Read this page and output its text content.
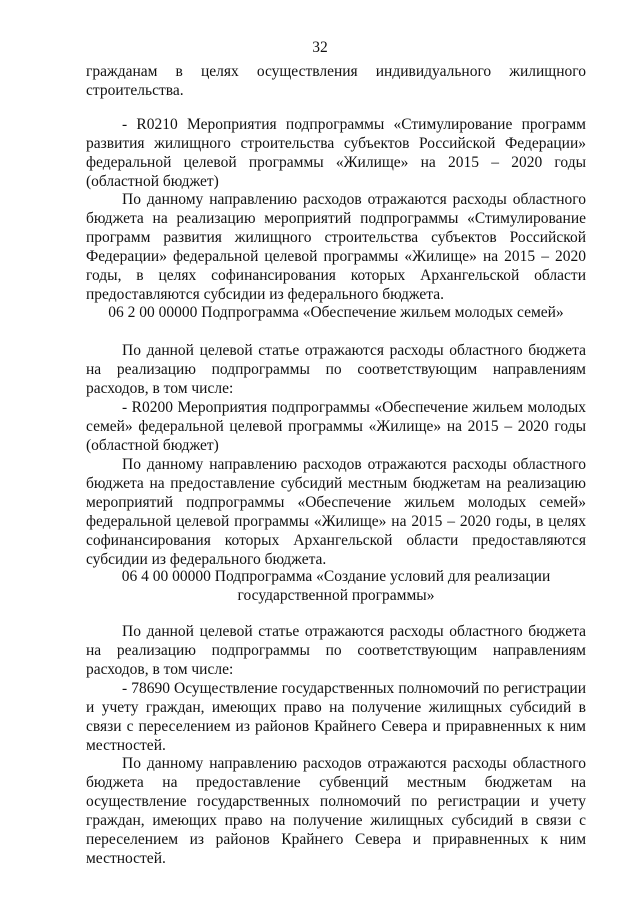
32

гражданам в целях осуществления индивидуального жилищного строительства.

- R0210 Мероприятия подпрограммы «Стимулирование программ развития жилищного строительства субъектов Российской Федерации» федеральной целевой программы «Жилище» на 2015 – 2020 годы (областной бюджет)

По данному направлению расходов отражаются расходы областного бюджета на реализацию мероприятий подпрограммы «Стимулирование программ развития жилищного строительства субъектов Российской Федерации» федеральной целевой программы «Жилище» на 2015 – 2020 годы, в целях софинансирования которых Архангельской области предоставляются субсидии из федерального бюджета.

06 2 00 00000 Подпрограмма «Обеспечение жильем молодых семей»

По данной целевой статье отражаются расходы областного бюджета на реализацию подпрограммы по соответствующим направлениям расходов, в том числе:

- R0200 Мероприятия подпрограммы «Обеспечение жильем молодых семей» федеральной целевой программы «Жилище» на 2015 – 2020 годы (областной бюджет)

По данному направлению расходов отражаются расходы областного бюджета на предоставление субсидий местным бюджетам на реализацию мероприятий подпрограммы «Обеспечение жильем молодых семей» федеральной целевой программы «Жилище» на 2015 – 2020 годы, в целях софинансирования которых Архангельской области предоставляются субсидии из федерального бюджета.

06 4 00 00000 Подпрограмма «Создание условий для реализации государственной программы»

По данной целевой статье отражаются расходы областного бюджета на реализацию подпрограммы по соответствующим направлениям расходов, в том числе:

- 78690 Осуществление государственных полномочий по регистрации и учету граждан, имеющих право на получение жилищных субсидий в связи с переселением из районов Крайнего Севера и приравненных к ним местностей.

По данному направлению расходов отражаются расходы областного бюджета на предоставление субвенций местным бюджетам на осуществление государственных полномочий по регистрации и учету граждан, имеющих право на получение жилищных субсидий в связи с переселением из районов Крайнего Севера и приравненных к ним местностей.
